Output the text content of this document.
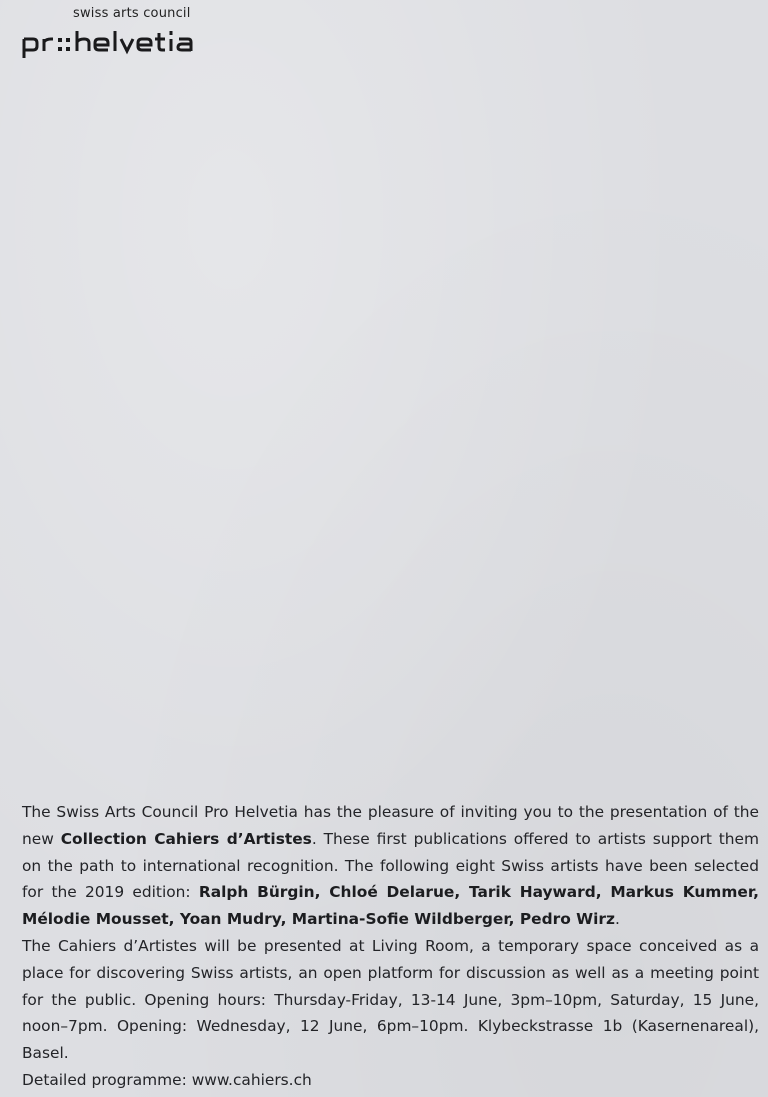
swiss arts council

The Swiss Arts Council Pro Helvetia has the pleasure of inviting you to the presentation of the new Collection Cahiers d’Artistes. These first publications offered to artists support them on the path to international recognition. The following eight Swiss artists have been selected for the 2019 edition: Ralph Bürgin, Chloé Delarue, Tarik Hayward, Markus Kummer, Mélodie Mousset, Yoan Mudry, Martina-Sofie Wildberger, Pedro Wirz.

The Cahiers d’Artistes will be presented at Living Room, a temporary space conceived as a place for discovering Swiss artists, an open platform for discussion as well as a meeting point for the public. Opening hours: Thursday-Friday, 13-14 June, 3pm–10pm, Saturday, 15 June, noon–7pm. Opening: Wednesday, 12 June, 6pm–10pm. Klybeckstrasse 1b (Kasernenareal), Basel.

Detailed programme: www.cahiers.ch
